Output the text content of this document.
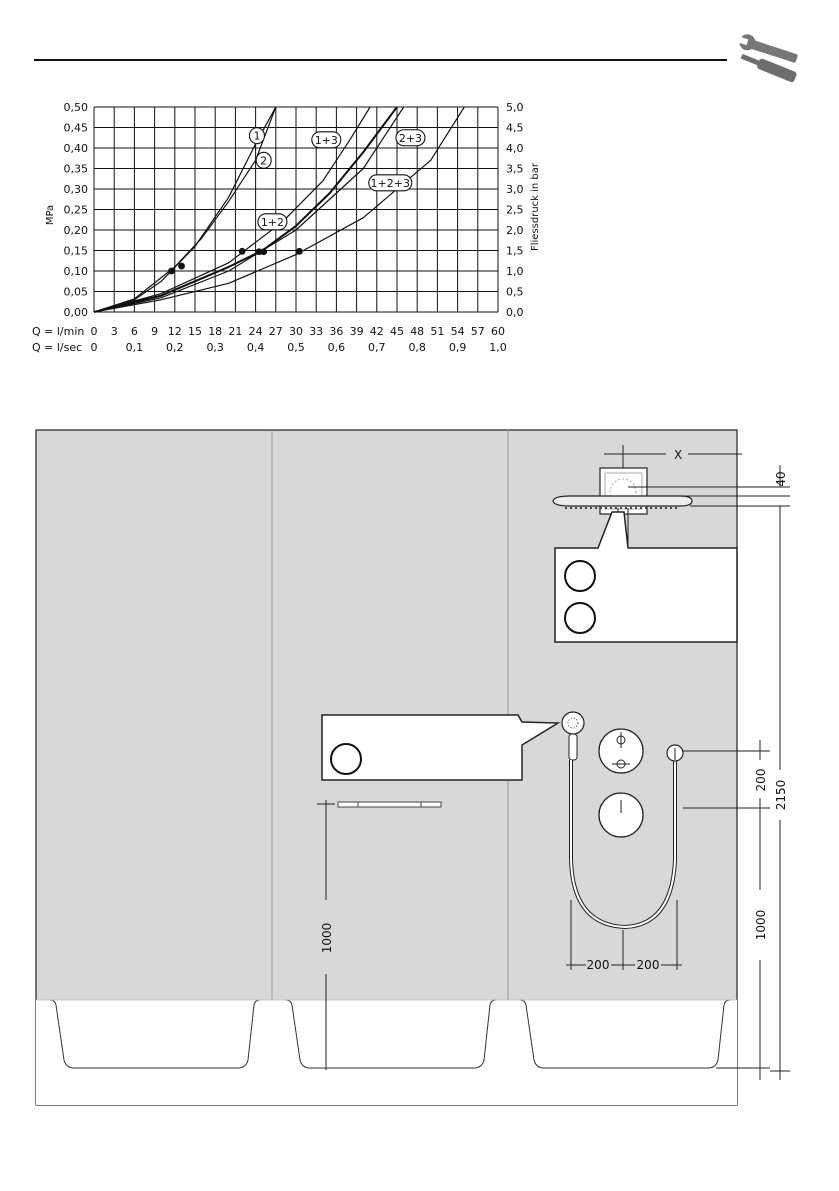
0 3 6 9 12 15 18 21 24 27 30 33 36 39 42 45 48 51 54 57 60
0,00	0,0
0,05	0,5
0,10	1,0
0,15	1,5
0,20	2,0
0,25	2,5
0,30	3,0
0,35	3,5
0,40	4,0
0,45	4,5
0,50	5,0
0	0,1 0,2 0,3 0,4 0,5 0,6 0,7 0,8 0,9 1,0
1
2
1+2
1+3	2+3
1+2+3
MPa	Fliessdruck in bar
Q = l/min
Q = l/sec
X
1000
200 200
40
2150
200
1000
